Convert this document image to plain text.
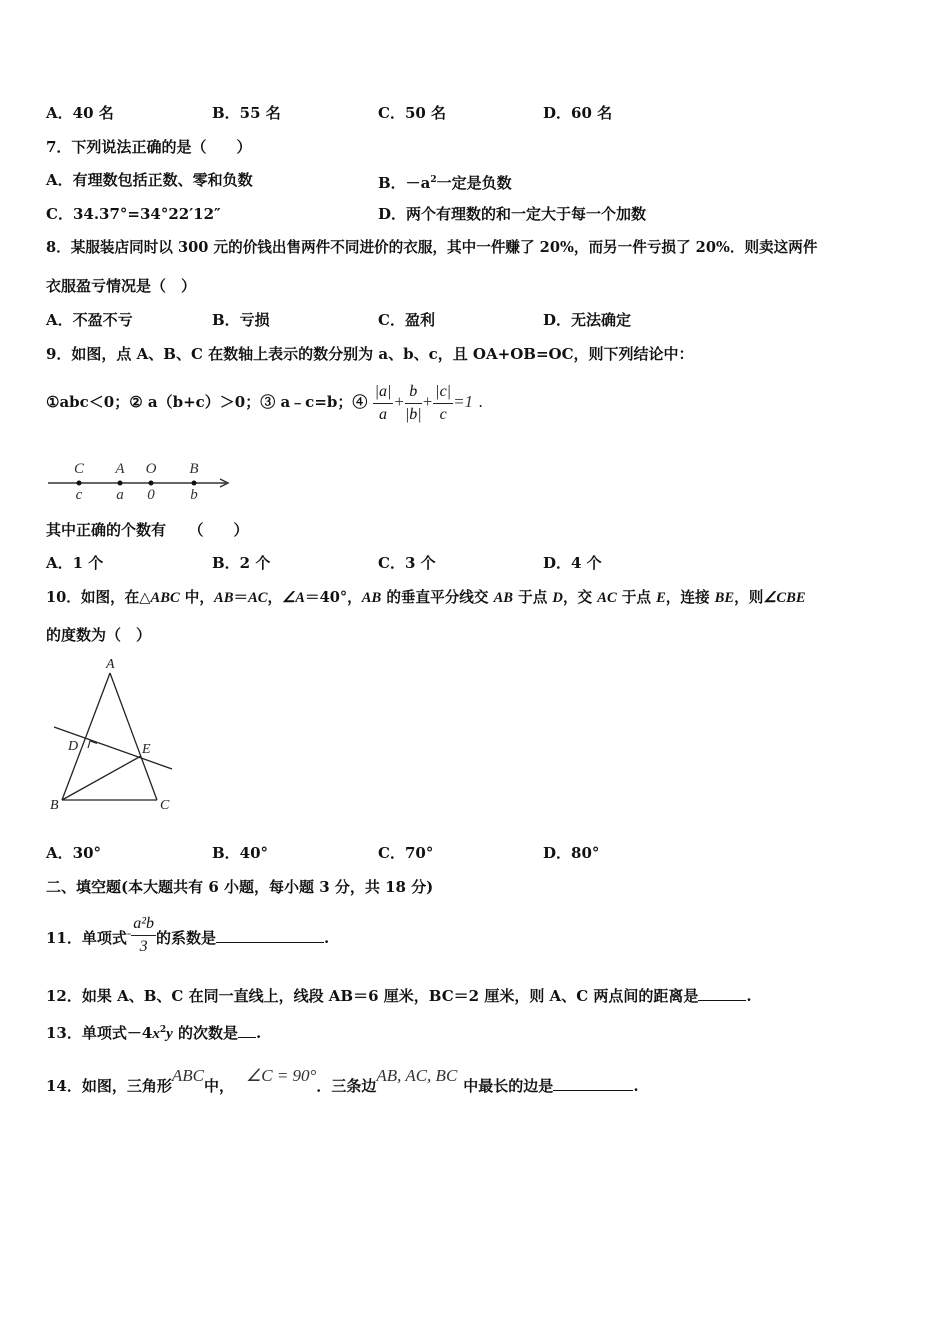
A．40 名	B．55 名	C．50 名	D．60 名
7．下列说法正确的是（　　）
A．有理数包括正数、零和负数	B．$-a^2$一定是负数
C．34.37°=34°22′12″	D．两个有理数的和一定大于每一个加数
8．某服装店同时以 300 元的价钱出售两件不同进价的衣服，其中一件赚了 20%，而另一件亏损了 20%．则卖这两件
衣服盈亏情况是（　）
A．不盈不亏	B．亏损	C．盈利	D．无法确定
9．如图，点 A、B、C 在数轴上表示的数分别为 a、b、c，且 OA+OB=OC，则下列结论中：
①abc＜0；② a（b+c）＞0；③ a﹣c=b；④ $\frac{|a|}{a} + \frac{b}{|b|} + \frac{|c|}{c} =1$ .
C A O B
c a 0 b
其中正确的个数有　　（　　）
A．1 个	B．2 个	C．3 个	D．4 个
10．如图，在△ABC 中，AB＝AC，∠A＝40°，AB 的垂直平分线交 AB 于点 D，交 AC 于点 E，连接 BE，则∠CBE
的度数为（　）
A
B	C
D	E
A．30°	B．40°	C．70°	D．80°
二、填空题(本大题共有 6 小题，每小题 3 分，共 18 分)
11．单项式- $\frac{\text{a²b}}{3}$ 的系数是	.
12．如果 A、B、C 在同一直线上，线段 AB＝6 厘米，BC＝2 厘米，则 A、C 两点间的距离是	.
13．单项式$-4x^2y$ 的次数是 .
14．如图，三角形ABC中，∠C = 90°．三条边AB, AC, BC中最长的边是	.
